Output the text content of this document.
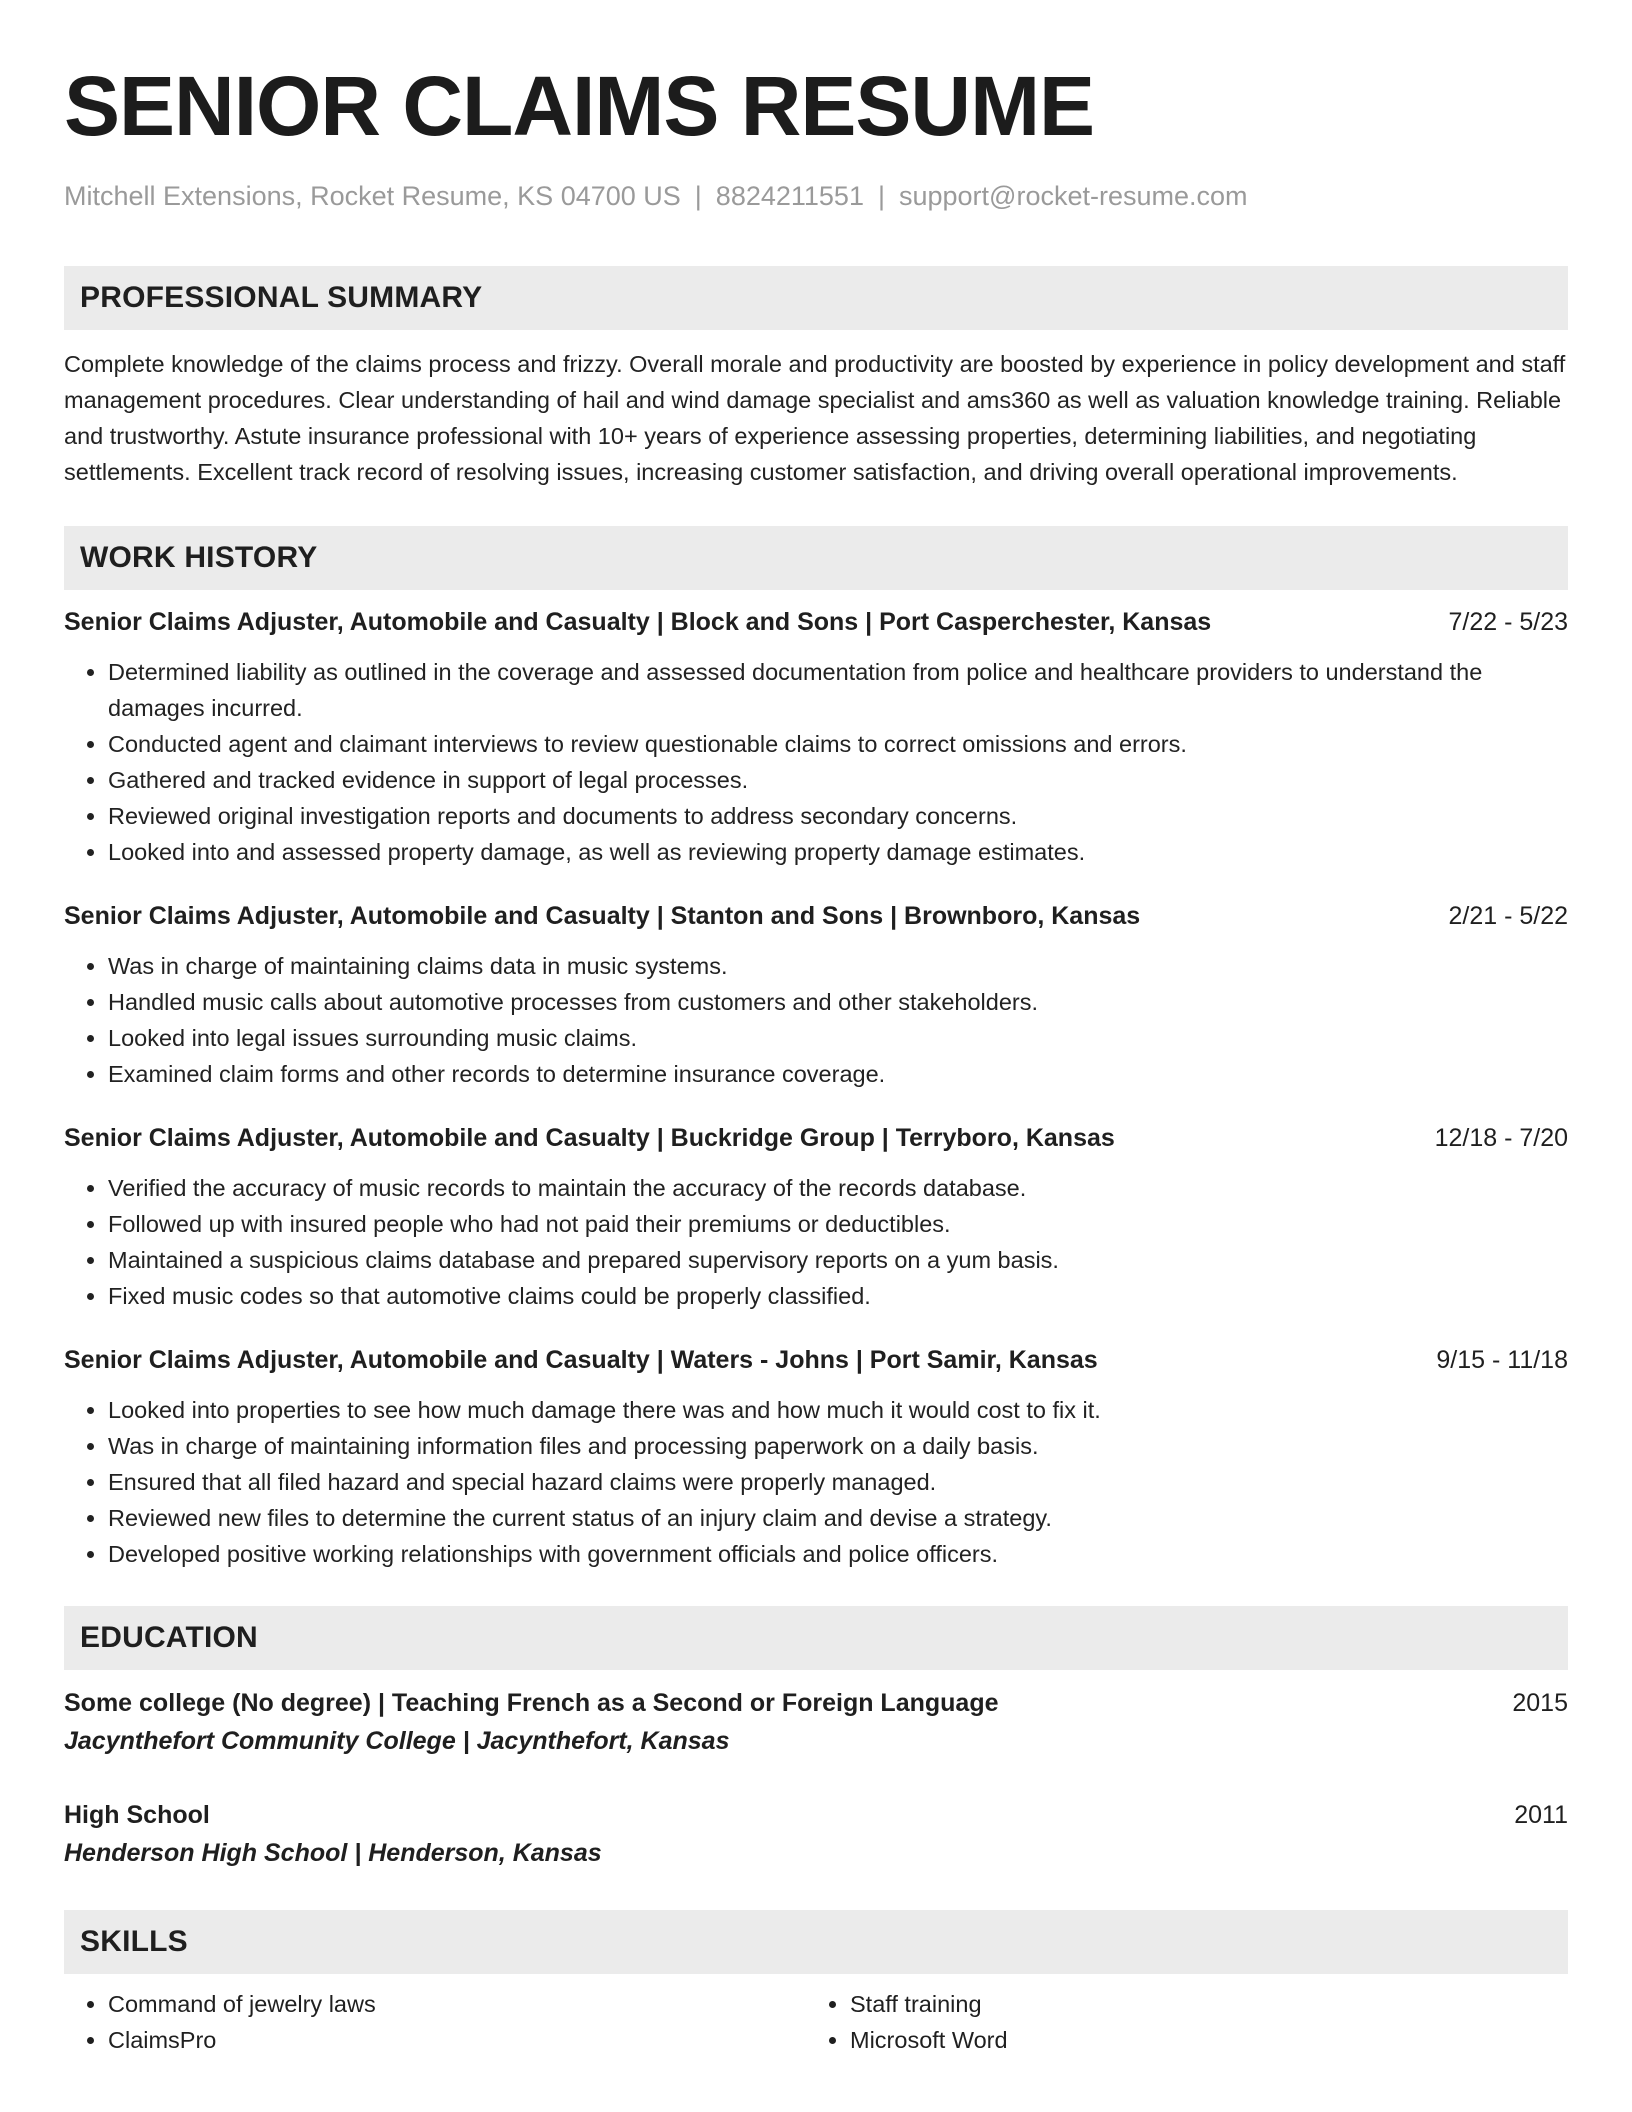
SENIOR CLAIMS RESUME
Mitchell Extensions, Rocket Resume, KS 04700 US | 8824211551 | support@rocket-resume.com
PROFESSIONAL SUMMARY
Complete knowledge of the claims process and frizzy. Overall morale and productivity are boosted by experience in policy development and staff management procedures. Clear understanding of hail and wind damage specialist and ams360 as well as valuation knowledge training. Reliable and trustworthy. Astute insurance professional with 10+ years of experience assessing properties, determining liabilities, and negotiating settlements. Excellent track record of resolving issues, increasing customer satisfaction, and driving overall operational improvements.
WORK HISTORY
Senior Claims Adjuster, Automobile and Casualty | Block and Sons | Port Casperchester, Kansas	7/22 - 5/23
• Determined liability as outlined in the coverage and assessed documentation from police and healthcare providers to understand the damages incurred.
• Conducted agent and claimant interviews to review questionable claims to correct omissions and errors.
• Gathered and tracked evidence in support of legal processes.
• Reviewed original investigation reports and documents to address secondary concerns.
• Looked into and assessed property damage, as well as reviewing property damage estimates.
Senior Claims Adjuster, Automobile and Casualty | Stanton and Sons | Brownboro, Kansas	2/21 - 5/22
• Was in charge of maintaining claims data in music systems.
• Handled music calls about automotive processes from customers and other stakeholders.
• Looked into legal issues surrounding music claims.
• Examined claim forms and other records to determine insurance coverage.
Senior Claims Adjuster, Automobile and Casualty | Buckridge Group | Terryboro, Kansas	12/18 - 7/20
• Verified the accuracy of music records to maintain the accuracy of the records database.
• Followed up with insured people who had not paid their premiums or deductibles.
• Maintained a suspicious claims database and prepared supervisory reports on a yum basis.
• Fixed music codes so that automotive claims could be properly classified.
Senior Claims Adjuster, Automobile and Casualty | Waters - Johns | Port Samir, Kansas	9/15 - 11/18
• Looked into properties to see how much damage there was and how much it would cost to fix it.
• Was in charge of maintaining information files and processing paperwork on a daily basis.
• Ensured that all filed hazard and special hazard claims were properly managed.
• Reviewed new files to determine the current status of an injury claim and devise a strategy.
• Developed positive working relationships with government officials and police officers.
EDUCATION
Some college (No degree) | Teaching French as a Second or Foreign Language	2015
Jacynthefort Community College | Jacynthefort, Kansas
High School	2011
Henderson High School | Henderson, Kansas
SKILLS
• Command of jewelry laws
• ClaimsPro
• Staff training
• Microsoft Word
